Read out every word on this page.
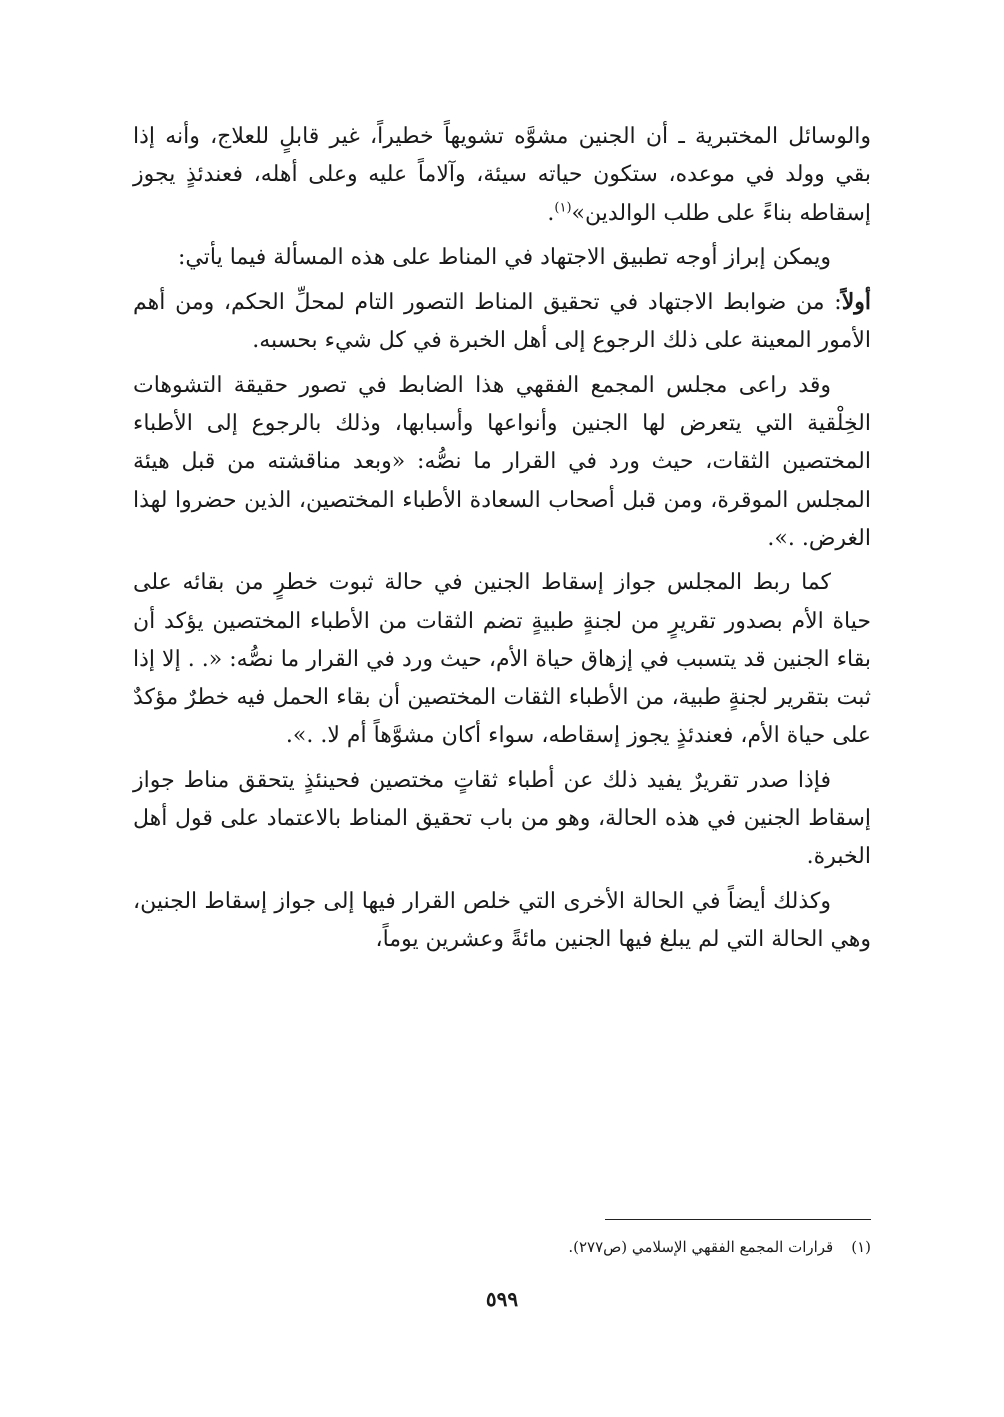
والوسائل المختبرية ـ أن الجنين مشوَّه تشويهاً خطيراً، غير قابلٍ للعلاج، وأنه إذا بقي وولد في موعده، ستكون حياته سيئة، وآلاماً عليه وعلى أهله، فعندئذٍ يجوز إسقاطه بناءً على طلب الوالدين»$^{(١)}$.

ويمكن إبراز أوجه تطبيق الاجتهاد في المناط على هذه المسألة فيما يأتي:

أولاً: من ضوابط الاجتهاد في تحقيق المناط التصور التام لمحلِّ الحكم، ومن أهم الأمور المعينة على ذلك الرجوع إلى أهل الخبرة في كل شيء بحسبه.

وقد راعى مجلس المجمع الفقهي هذا الضابط في تصور حقيقة التشوهات الخِلْقية التي يتعرض لها الجنين وأنواعها وأسبابها، وذلك بالرجوع إلى الأطباء المختصين الثقات، حيث ورد في القرار ما نصُّه: «وبعد مناقشته من قبل هيئة المجلس الموقرة، ومن قبل أصحاب السعادة الأطباء المختصين، الذين حضروا لهذا الغرض. .».

كما ربط المجلس جواز إسقاط الجنين في حالة ثبوت خطرٍ من بقائه على حياة الأم بصدور تقريرٍ من لجنةٍ طبيةٍ تضم الثقات من الأطباء المختصين يؤكد أن بقاء الجنين قد يتسبب في إزهاق حياة الأم، حيث ورد في القرار ما نصُّه: «. . إلا إذا ثبت بتقرير لجنةٍ طبية، من الأطباء الثقات المختصين أن بقاء الحمل فيه خطرٌ مؤكدٌ على حياة الأم، فعندئذٍ يجوز إسقاطه، سواء أكان مشوَّهاً أم لا. .».

فإذا صدر تقريرٌ يفيد ذلك عن أطباء ثقاتٍ مختصين فحينئذٍ يتحقق مناط جواز إسقاط الجنين في هذه الحالة، وهو من باب تحقيق المناط بالاعتماد على قول أهل الخبرة.

وكذلك أيضاً في الحالة الأخرى التي خلص القرار فيها إلى جواز إسقاط الجنين، وهي الحالة التي لم يبلغ فيها الجنين مائةً وعشرين يوماً،

(١)قرارات المجمع الفقهي الإسلامي (ص٢٧٧).
٥٩٩
